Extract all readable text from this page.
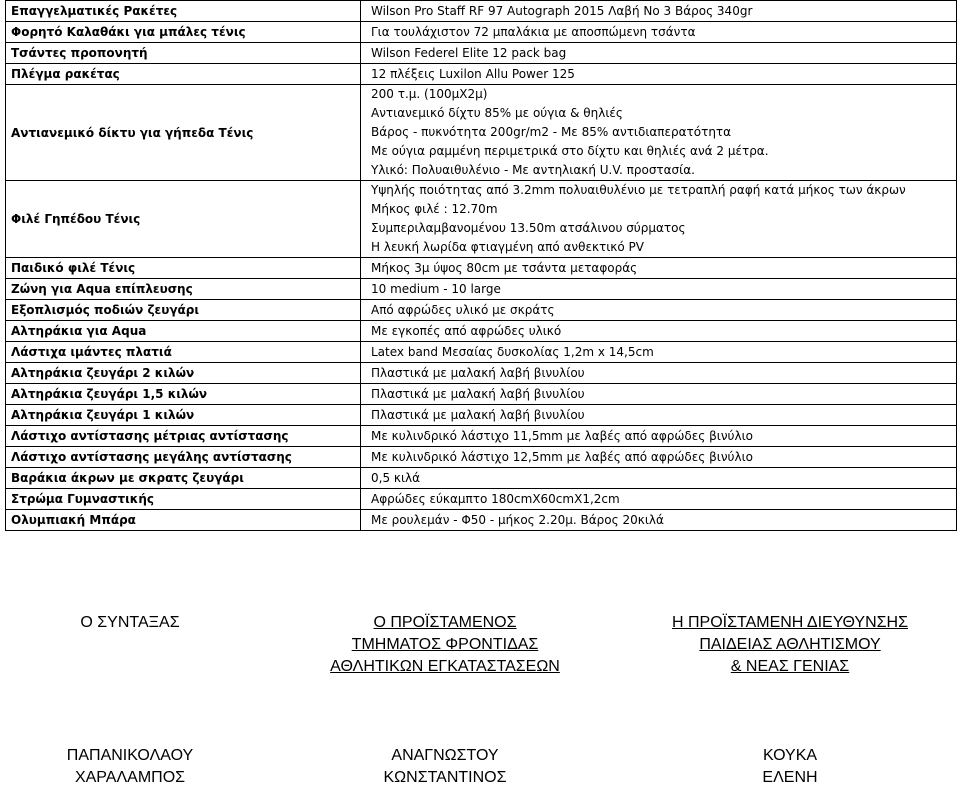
Επαγγελματικές Ρακέτες	Wilson Pro Staff RF 97 Autograph 2015 Λαβή No 3 Βάρος 340gr

Φορητό Καλαθάκι για μπάλες τένις	Για τουλάχιστον 72 μπαλάκια με αποσπώμενη τσάντα

Τσάντες προπονητή	Wilson Federel Elite 12 pack bag

Πλέγμα ρακέτας	12 πλέξεις Luxilon Allu Power 125

Αντιανεμικό δίκτυ για γήπεδα Τένις	200 τ.μ. (100μΧ2μ)
Αντιανεμικό δίχτυ 85% με ούγια & θηλιές
Βάρος - πυκνότητα 200gr/m2 - Με 85% αντιδιαπερατότητα
Με ούγια ραμμένη περιμετρικά στο δίχτυ και θηλιές ανά 2 μέτρα.
Υλικό: Πολυαιθυλένιο - Με αντηλιακή U.V. προστασία.

Φιλέ Γηπέδου Τένις	Υψηλής ποιότητας από 3.2mm πολυαιθυλένιο με τετραπλή ραφή κατά μήκος των άκρων
Μήκος φιλέ : 12.70m
Συμπεριλαμβανομένου 13.50m ατσάλινου σύρματος
Η λευκή λωρίδα φτιαγμένη από ανθεκτικό PV

Παιδικό φιλέ Τένις	Μήκος 3μ ύψος 80cm με τσάντα μεταφοράς

Ζώνη για Aqua επίπλευσης	10 medium - 10 large

Εξοπλισμός ποδιών ζευγάρι	Από αφρώδες υλικό με σκράτς

Αλτηράκια για Aqua	Με εγκοπές από αφρώδες υλικό

Λάστιχα ιμάντες πλατιά	Latex band Μεσαίας δυσκολίας 1,2m x 14,5cm

Αλτηράκια ζευγάρι 2 κιλών	Πλαστικά με μαλακή λαβή βινυλίου

Αλτηράκια ζευγάρι 1,5 κιλών	Πλαστικά με μαλακή λαβή βινυλίου

Αλτηράκια ζευγάρι 1 κιλών	Πλαστικά με μαλακή λαβή βινυλίου

Λάστιχο αντίστασης μέτριας αντίστασης	Με κυλινδρικό λάστιχο 11,5mm με λαβές από αφρώδες βινύλιο

Λάστιχο αντίστασης μεγάλης αντίστασης	Με κυλινδρικό λάστιχο 12,5mm με λαβές από αφρώδες βινύλιο

Βαράκια άκρων με σκρατς ζευγάρι	0,5 κιλά

Στρώμα Γυμναστικής	Αφρώδες εύκαμπτο 180cmX60cmX1,2cm

Ολυμπιακή Μπάρα	Με ρουλεμάν - Φ50 - μήκος 2.20μ. Βάρος 20κιλά
Ο ΣΥΝΤΑΞΑΣ	Ο ΠΡΟΪΣΤΑΜΕΝΟΣ
ΤΜΗΜΑΤΟΣ ΦΡΟΝΤΙΔΑΣ
ΑΘΛΗΤΙΚΩΝ ΕΓΚΑΤΑΣΤΑΣΕΩΝ
Η ΠΡΟΪΣΤΑΜΕΝΗ ΔΙΕΥΘΥΝΣΗΣ
ΠΑΙΔΕΙΑΣ ΑΘΛΗΤΙΣΜΟΥ
& ΝΕΑΣ ΓΕΝΙΑΣ
ΠΑΠΑΝΙΚΟΛΑΟΥ
ΧΑΡΑΛΑΜΠΟΣ
ΑΝΑΓΝΩΣΤΟΥ
ΚΩΝΣΤΑΝΤΙΝΟΣ
ΚΟΥΚΑ
ΕΛΕΝΗ
